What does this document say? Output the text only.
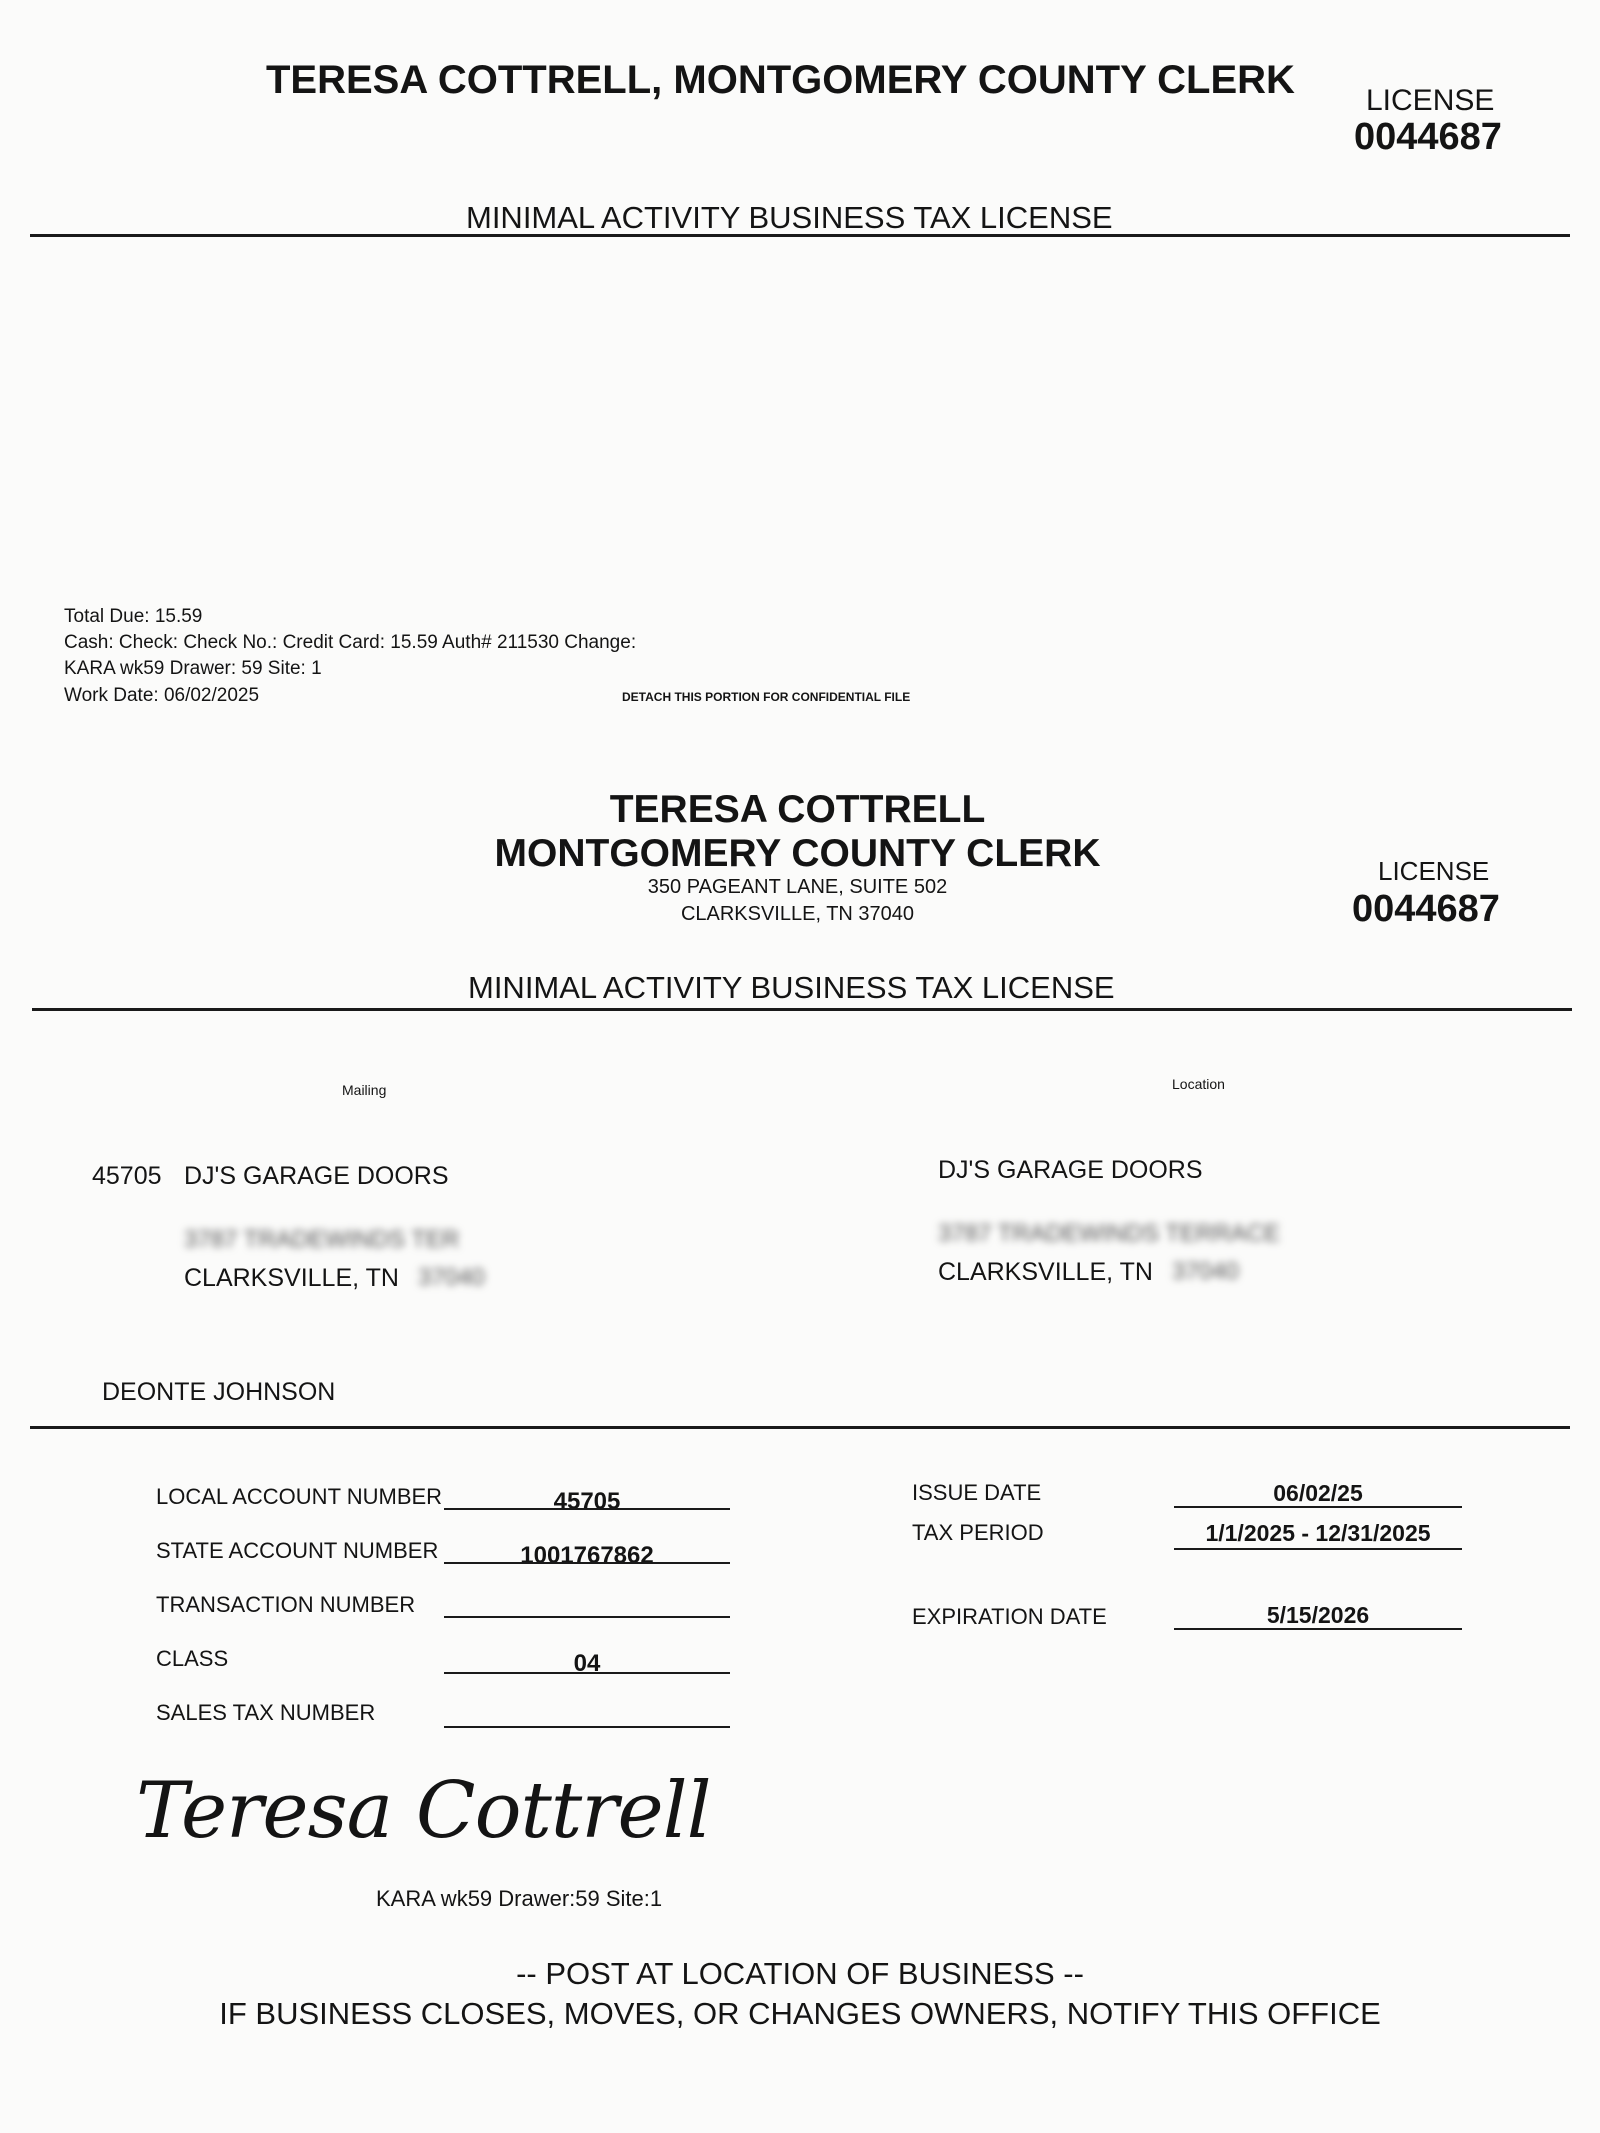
TERESA COTTRELL, MONTGOMERY COUNTY CLERK LICENSE
0044687
MINIMAL ACTIVITY BUSINESS TAX LICENSE
Total Due: 15.59
Cash: Check: Check No.: Credit Card: 15.59 Auth# 211530 Change:
KARA wk59 Drawer: 59 Site: 1
Work Date: 06/02/2025	DETACH THIS PORTION FOR CONFIDENTIAL FILE
TERESA COTTRELL
MONTGOMERY COUNTY CLERK
350 PAGEANT LANE, SUITE 502
CLARKSVILLE, TN 37040
LICENSE
0044687
MINIMAL ACTIVITY BUSINESS TAX LICENSE
Mailing	Location
45705 DJ'S GARAGE DOORS
3787 TRADEWINDS TER
CLARKSVILLE, TN 37040
DJ'S GARAGE DOORS
3787 TRADEWINDS TERRACE
CLARKSVILLE, TN 37040
DEONTE JOHNSON
LOCAL ACCOUNT NUMBER	45705
STATE ACCOUNT NUMBER	1001767862
TRANSACTION NUMBER
CLASS	04
SALES TAX NUMBER
ISSUE DATE	06/02/25
TAX PERIOD	1/1/2025 - 12/31/2025
EXPIRATION DATE	5/15/2026
Teresa Cottrell
KARA wk59 Drawer:59 Site:1
-- POST AT LOCATION OF BUSINESS --
IF BUSINESS CLOSES, MOVES, OR CHANGES OWNERS, NOTIFY THIS OFFICE
